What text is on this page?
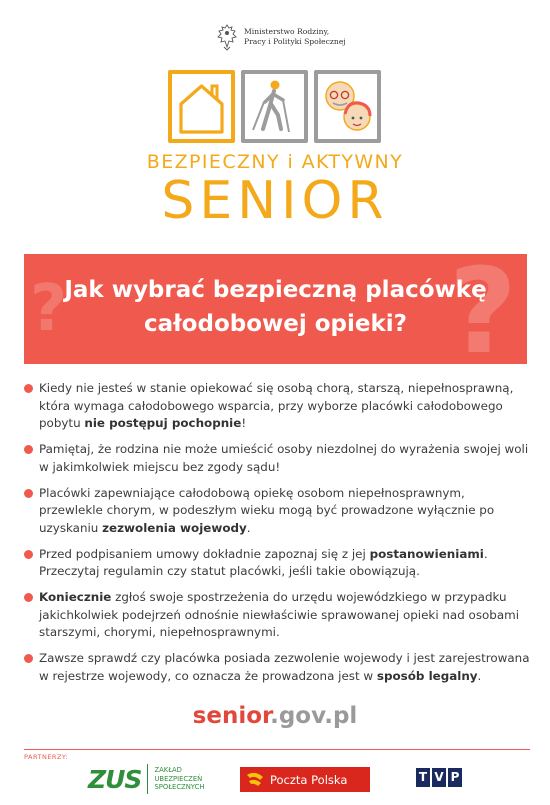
Ministerstwo Rodziny,
Pracy i Polityki Społecznej
BEZPIECZNY i AKTYWNY
SENIOR
?	?
Jak wybrać bezpieczną placówkę
całodobowej opieki?
Kiedy nie jesteś w stanie opiekować się osobą chorą, starszą, niepełnosprawną, która wymaga całodobowego wsparcia, przy wyborze placówki całodobowego pobytu nie postępuj pochopnie!
Pamiętaj, że rodzina nie może umieścić osoby niezdolnej do wyrażenia swojej woli w jakimkolwiek miejscu bez zgody sądu!
Placówki zapewniające całodobową opiekę osobom niepełnosprawnym, przewlekle chorym, w podeszłym wieku mogą być prowadzone wyłącznie po uzyskaniu zezwolenia wojewody.
Przed podpisaniem umowy dokładnie zapoznaj się z jej postanowieniami. Przeczytaj regulamin czy statut placówki, jeśli takie obowiązują.
Koniecznie zgłoś swoje spostrzeżenia do urzędu wojewódzkiego w przypadku jakichkolwiek podejrzeń odnośnie niewłaściwie sprawowanej opieki nad osobami starszymi, chorymi, niepełnosprawnymi.
Zawsze sprawdź czy placówka posiada zezwolenie wojewody i jest zarejestrowana w rejestrze wojewody, co oznacza że prowadzona jest w sposób legalny.
senior.gov.pl
PARTNERZY:
ZUS ZAKŁAD
UBEZPIECZEŃ
SPOŁECZNYCH
Poczta Polska	T V P
